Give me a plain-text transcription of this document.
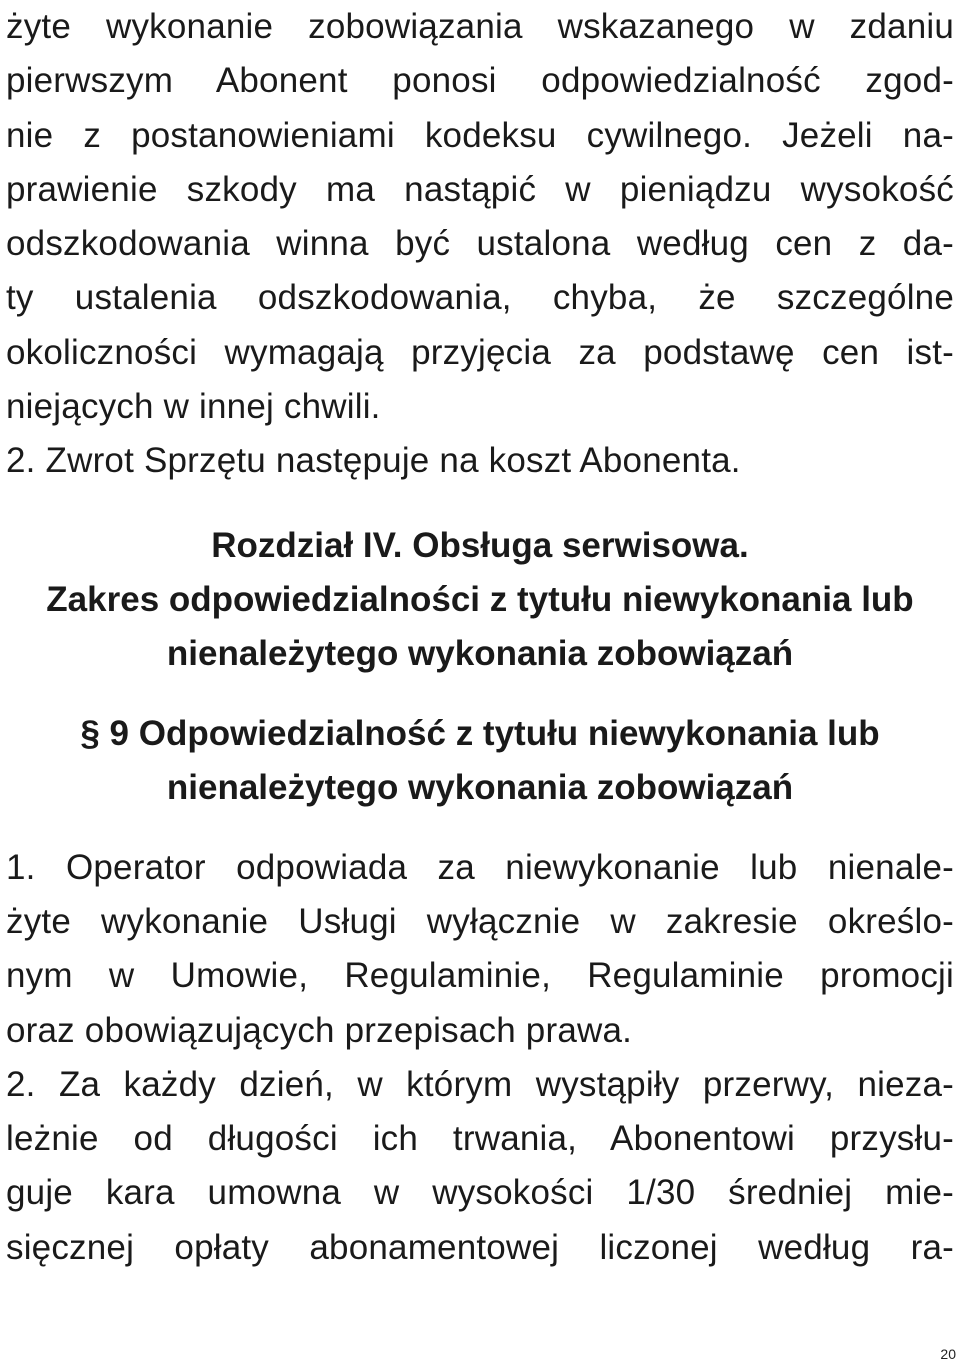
żyte wykonanie zobowiązania wskazanego w zdaniu
pierwszym Abonent ponosi odpowiedzialność zgod-
nie z postanowieniami kodeksu cywilnego. Jeżeli na-
prawienie szkody ma nastąpić w pieniądzu wysokość
odszkodowania winna być ustalona według cen z da-
ty ustalenia odszkodowania, chyba, że szczególne
okoliczności wymagają przyjęcia za podstawę cen ist-
niejących w innej chwili.
2. Zwrot Sprzętu następuje na koszt Abonenta.
Rozdział IV. Obsługa serwisowa.
Zakres odpowiedzialności z tytułu niewykonania lub
nienależytego wykonania zobowiązań
§ 9 Odpowiedzialność z tytułu niewykonania lub
nienależytego wykonania zobowiązań
1. Operator odpowiada za niewykonanie lub nienale-
żyte wykonanie Usługi wyłącznie w zakresie określo-
nym w Umowie, Regulaminie, Regulaminie promocji
oraz obowiązujących przepisach prawa.
2. Za każdy dzień, w którym wystąpiły przerwy, nieza-
leżnie od długości ich trwania, Abonentowi przysłu-
guje kara umowna w wysokości 1/30 średniej mie-
sięcznej opłaty abonamentowej liczonej według ra-
20
